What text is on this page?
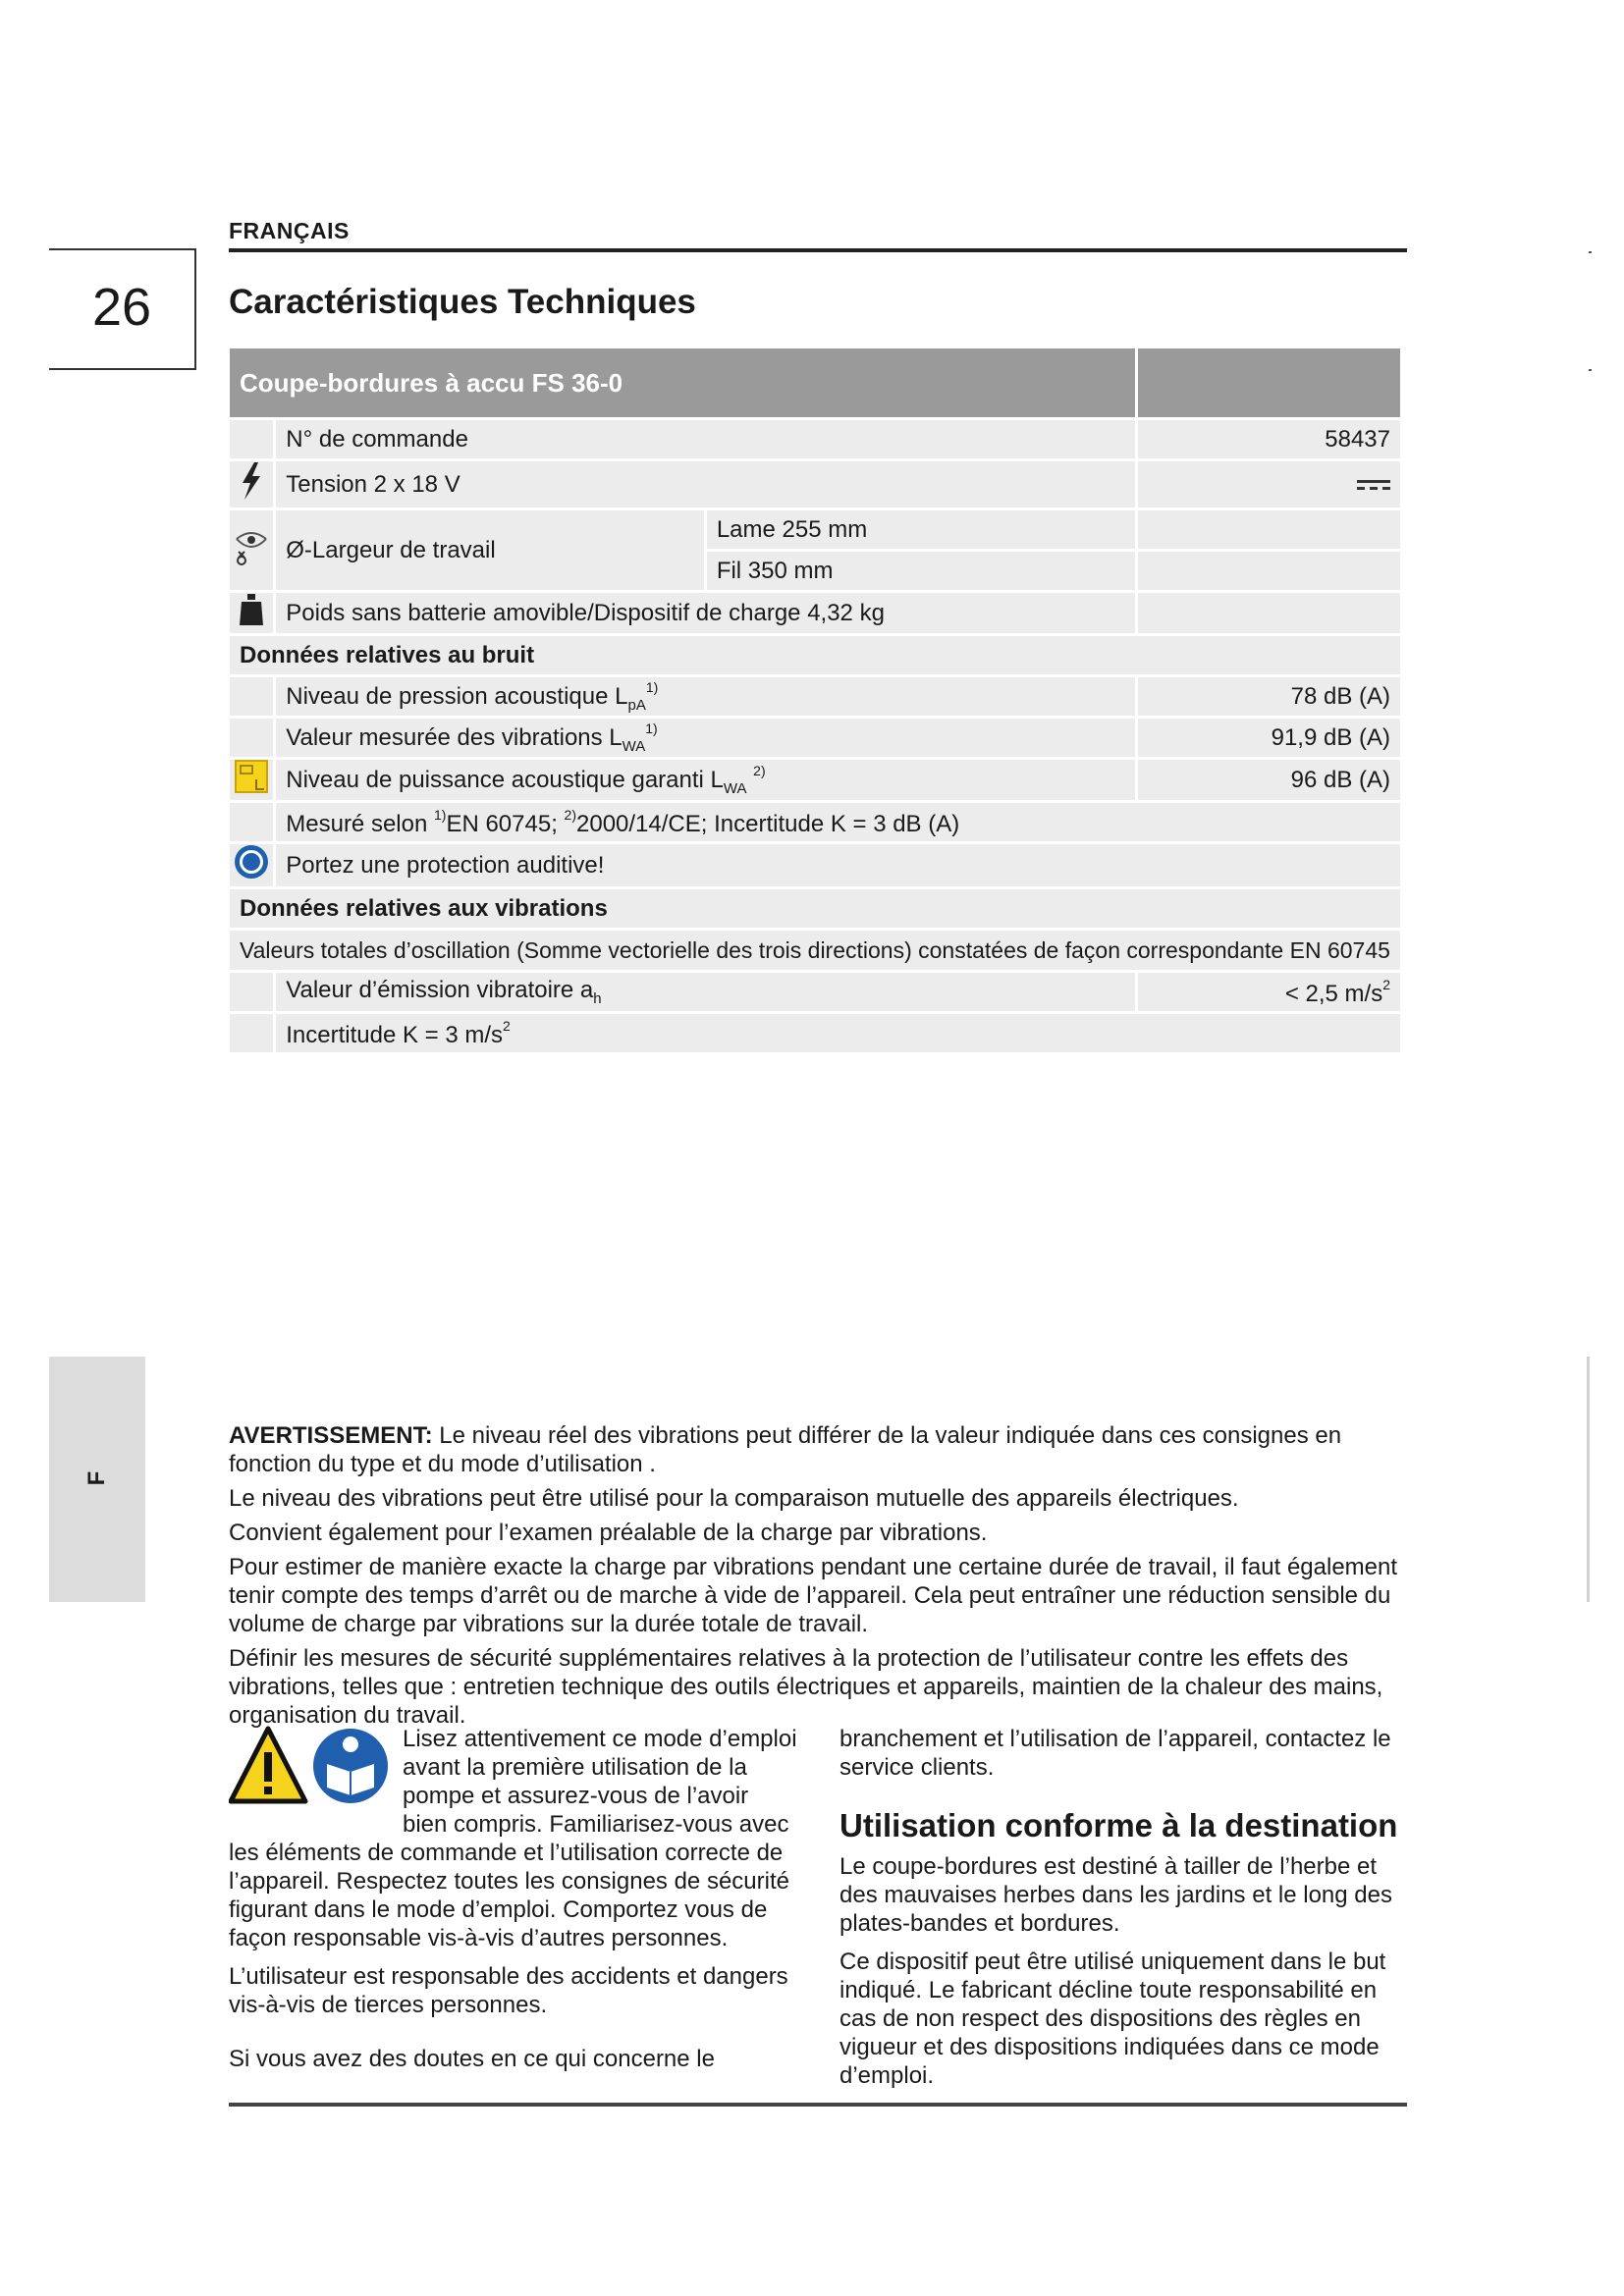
FRANÇAIS
26	Caractéristiques Techniques
Coupe-bordures à accu FS 36-0			
	N° de commande		58437
	Tension 2 x 18 V		

	Ø-Largeur de travail	Lame 255 mm	
		Fil 350 mm	
	Poids sans batterie amovible/Dispositif de charge 4,32 kg		
Données relatives au bruit			
	Niveau de pression acoustique $L_{pA}^{1)}$		78 dB (A)
	Valeur mesurée des vibrations $L_{WA}^{1)}$		91,9 dB (A)
	Niveau de puissance acoustique garanti $L_{WA}$ $^{2)}$		96 dB (A)
	Mesuré selon $^{1)}$EN 60745; $^{2)}$2000/14/CE; Incertitude K = 3 dB (A)		
	Portez une protection auditive!		
Données relatives aux vibrations			
Valeurs totales d’oscillation (Somme vectorielle des trois directions) constatées de façon correspondante EN 60745			
	Valeur d’émission vibratoire $a_h$		< 2,5 $m/s^2$
	Incertitude K = 3 $m/s^2$
F

AVERTISSEMENT: Le niveau réel des vibrations peut différer de la valeur indiquée dans ces consignes en fonction du type et du mode d’utilisation .

Le niveau des vibrations peut être utilisé pour la comparaison mutuelle des appareils électriques.

Convient également pour l’examen préalable de la charge par vibrations.

Pour estimer de manière exacte la charge par vibrations pendant une certaine durée de travail, il faut également tenir compte des temps d’arrêt ou de marche à vide de l’appareil. Cela peut entraîner une réduction sensible du volume de charge par vibrations sur la durée totale de travail.

Définir les mesures de sécurité supplémentaires relatives à la protection de l’utilisateur contre les effets des vibrations, telles que : entretien technique des outils électriques et appareils, maintien de la chaleur des mains, organisation du travail.

Lisez attentivement ce mode d’emploi avant la première utilisation de la pompe et assurez-vous de l’avoir bien compris. Familiarisez-vous avec les éléments de commande et l’utilisation correcte de l’appareil. Respectez toutes les consignes de sécurité figurant dans le mode d’emploi. Comportez vous de façon responsable vis-à-vis d’autres personnes.

L’utilisateur est responsable des accidents et dangers vis-à-vis de tierces personnes.

Si vous avez des doutes en ce qui concerne le

branchement et l’utilisation de l’appareil, contactez le service clients.

Utilisation conforme à la destination

Le coupe-bordures est destiné à tailler de l’herbe et des mauvaises herbes dans les jardins et le long des plates-bandes et bordures.

Ce dispositif peut être utilisé uniquement dans le but indiqué. Le fabricant décline toute responsabilité en cas de non respect des dispositions des règles en vigueur et des dispositions indiquées dans ce mode d’emploi.
